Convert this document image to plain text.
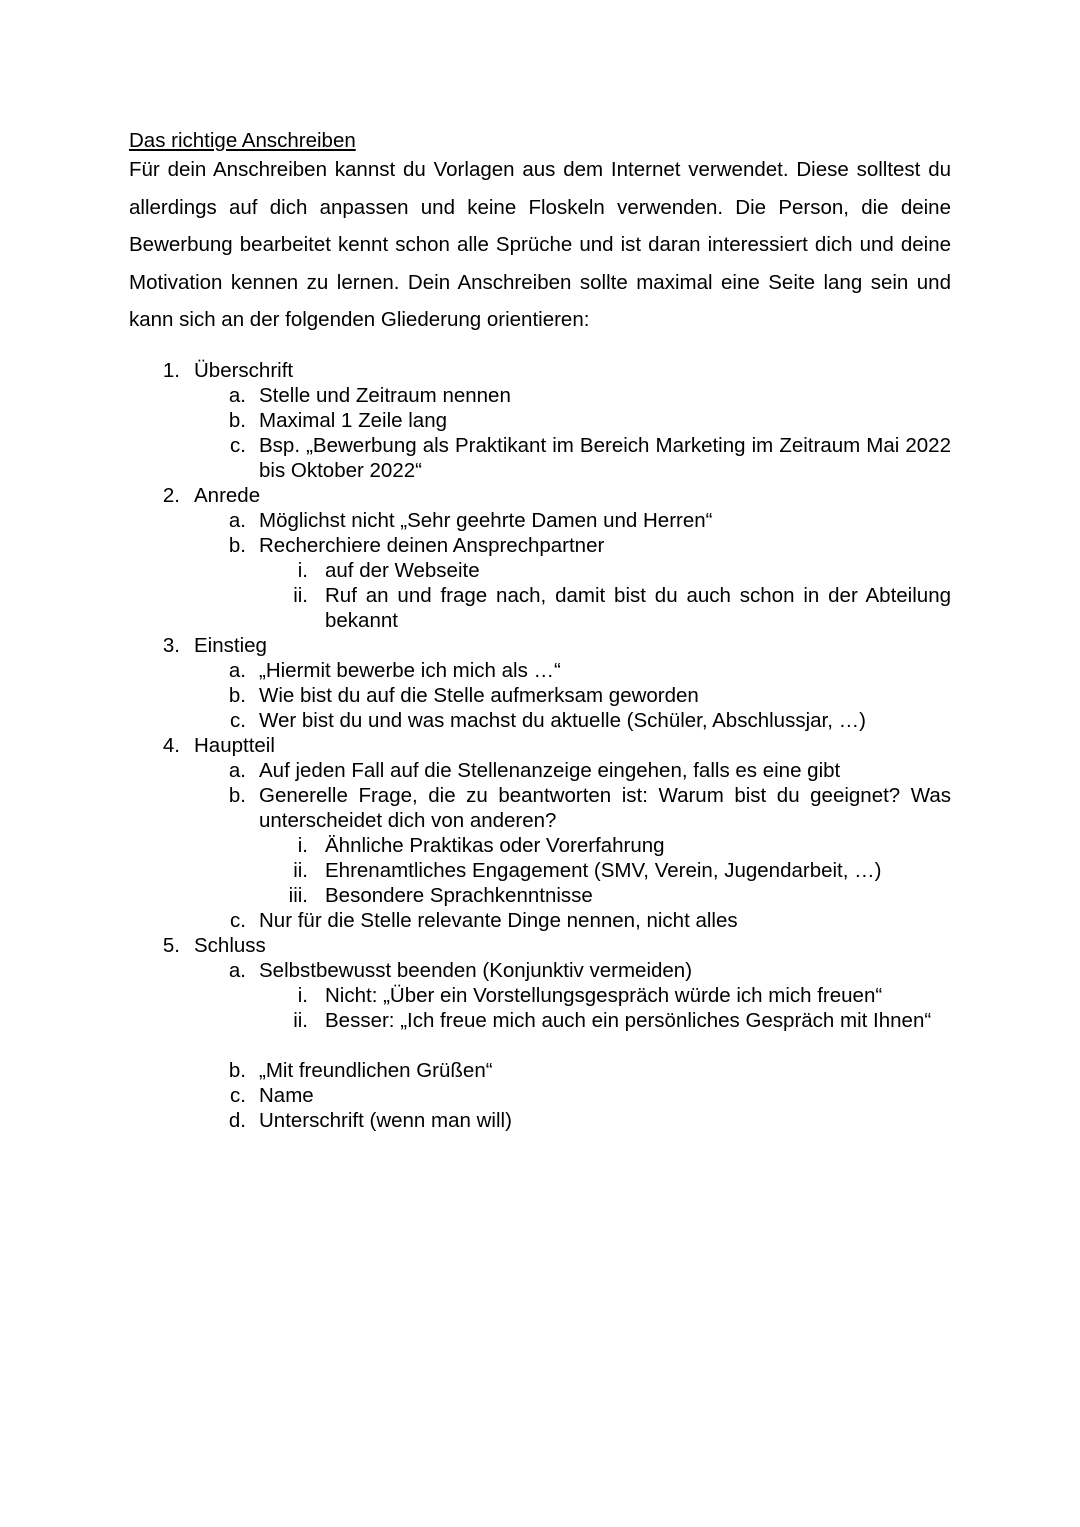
Das richtige Anschreiben

Für dein Anschreiben kannst du Vorlagen aus dem Internet verwendet. Diese solltest du allerdings auf dich anpassen und keine Floskeln verwenden. Die Person, die deine Bewerbung bearbeitet kennt schon alle Sprüche und ist daran interessiert dich und deine Motivation kennen zu lernen. Dein Anschreiben sollte maximal eine Seite lang sein und kann sich an der folgenden Gliederung orientieren:

1. Überschrift
a. Stelle und Zeitraum nennen
b. Maximal 1 Zeile lang
c. Bsp. „Bewerbung als Praktikant im Bereich Marketing im Zeitraum Mai 2022 bis Oktober 2022“
2. Anrede
a. Möglichst nicht „Sehr geehrte Damen und Herren“
b. Recherchiere deinen Ansprechpartner
i. auf der Webseite
ii. Ruf an und frage nach, damit bist du auch schon in der Abteilung bekannt
3. Einstieg
a. „Hiermit bewerbe ich mich als …“
b. Wie bist du auf die Stelle aufmerksam geworden
c. Wer bist du und was machst du aktuelle (Schüler, Abschlussjar, …)
4. Hauptteil
a. Auf jeden Fall auf die Stellenanzeige eingehen, falls es eine gibt
b. Generelle Frage, die zu beantworten ist: Warum bist du geeignet? Was unterscheidet dich von anderen?
i. Ähnliche Praktikas oder Vorerfahrung
ii. Ehrenamtliches Engagement (SMV, Verein, Jugendarbeit, …)
iii. Besondere Sprachkenntnisse
c. Nur für die Stelle relevante Dinge nennen, nicht alles
5. Schluss
a. Selbstbewusst beenden (Konjunktiv vermeiden)
i. Nicht: „Über ein Vorstellungsgespräch würde ich mich freuen“
ii. Besser: „Ich freue mich auch ein persönliches Gespräch mit Ihnen“
b. „Mit freundlichen Grüßen“
c. Name
d. Unterschrift (wenn man will)
